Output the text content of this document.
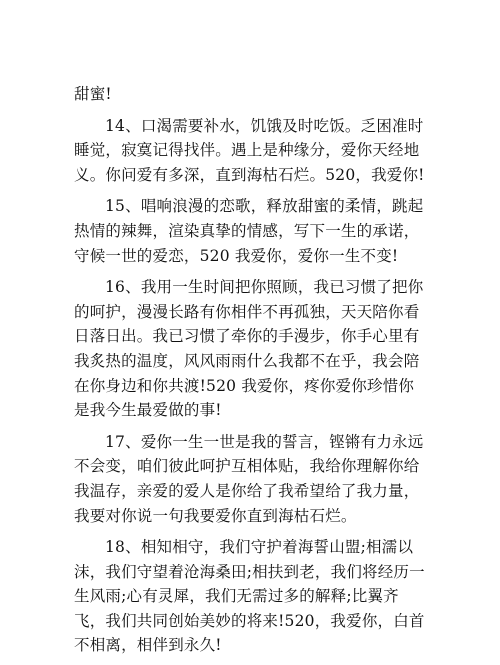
甜蜜!

14、口渴需要补水，饥饿及时吃饭。乏困准时睡觉，寂寞记得找伴。遇上是种缘分，爱你天经地义。你问爱有多深，直到海枯石烂。520，我爱你!

15、唱响浪漫的恋歌，释放甜蜜的柔情，跳起热情的辣舞，渲染真挚的情感，写下一生的承诺，守候一世的爱恋，520 我爱你，爱你一生不变!

16、我用一生时间把你照顾，我已习惯了把你的呵护，漫漫长路有你相伴不再孤独，天天陪你看日落日出。我已习惯了牵你的手漫步，你手心里有我炙热的温度，风风雨雨什么我都不在乎，我会陪在你身边和你共渡!520 我爱你，疼你爱你珍惜你是我今生最爱做的事!

17、爱你一生一世是我的誓言，铿锵有力永远不会变，咱们彼此呵护互相体贴，我给你理解你给我温存，亲爱的爱人是你给了我希望给了我力量，我要对你说一句我要爱你直到海枯石烂。

18、相知相守，我们守护着海誓山盟;相濡以沫，我们守望着沧海桑田;相扶到老，我们将经历一生风雨;心有灵犀，我们无需过多的解释;比翼齐飞，我们共同创始美妙的将来!520，我爱你，白首不相离，相伴到永久!
